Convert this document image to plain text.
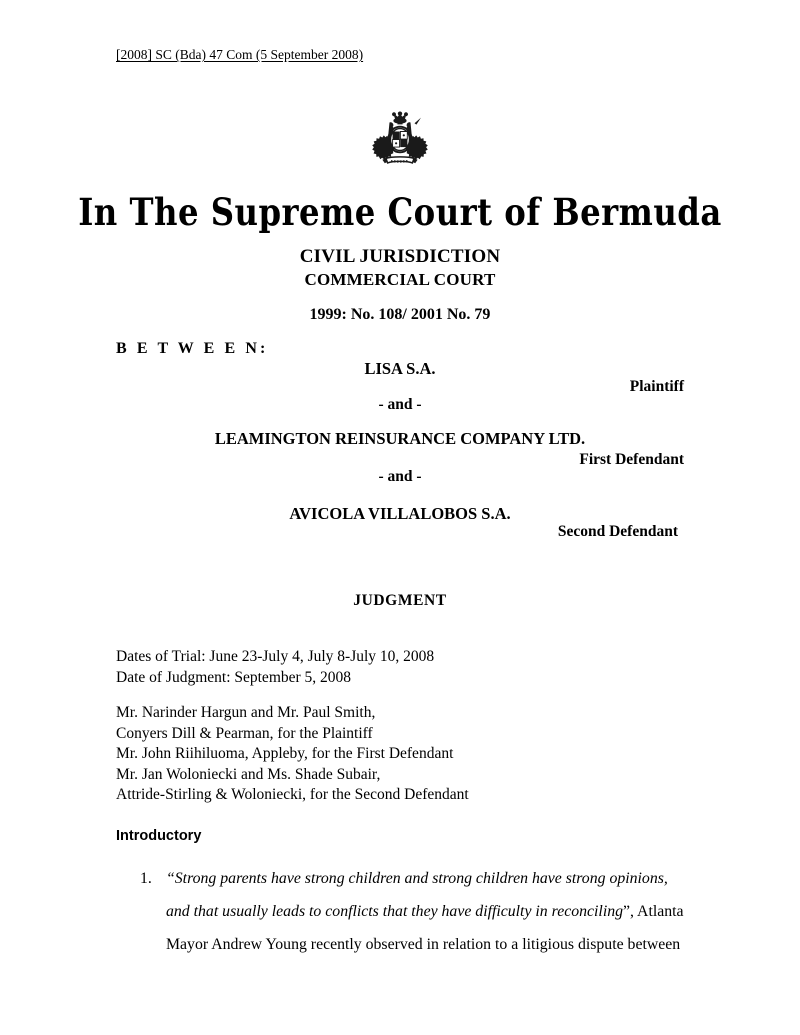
[2008] SC (Bda) 47 Com (5 September 2008)
In The Supreme Court of Bermuda
CIVIL JURISDICTION
COMMERCIAL COURT
1999: No. 108/ 2001 No. 79
B E T W E E N:
LISA S.A.
Plaintiff
- and -
LEAMINGTON REINSURANCE COMPANY LTD.
First Defendant
- and -
AVICOLA VILLALOBOS S.A.
Second Defendant
JUDGMENT
Dates of Trial: June 23-July 4, July 8-July 10, 2008
Date of Judgment: September 5, 2008
Mr. Narinder Hargun and Mr. Paul Smith,
Conyers Dill & Pearman, for the Plaintiff
Mr. John Riihiluoma, Appleby, for the First Defendant
Mr. Jan Woloniecki and Ms. Shade Subair,
Attride-Stirling & Woloniecki, for the Second Defendant
Introductory
1. “Strong parents have strong children and strong children have strong opinions, and that usually leads to conflicts that they have difficulty in reconciling”, Atlanta Mayor Andrew Young recently observed in relation to a litigious dispute between
